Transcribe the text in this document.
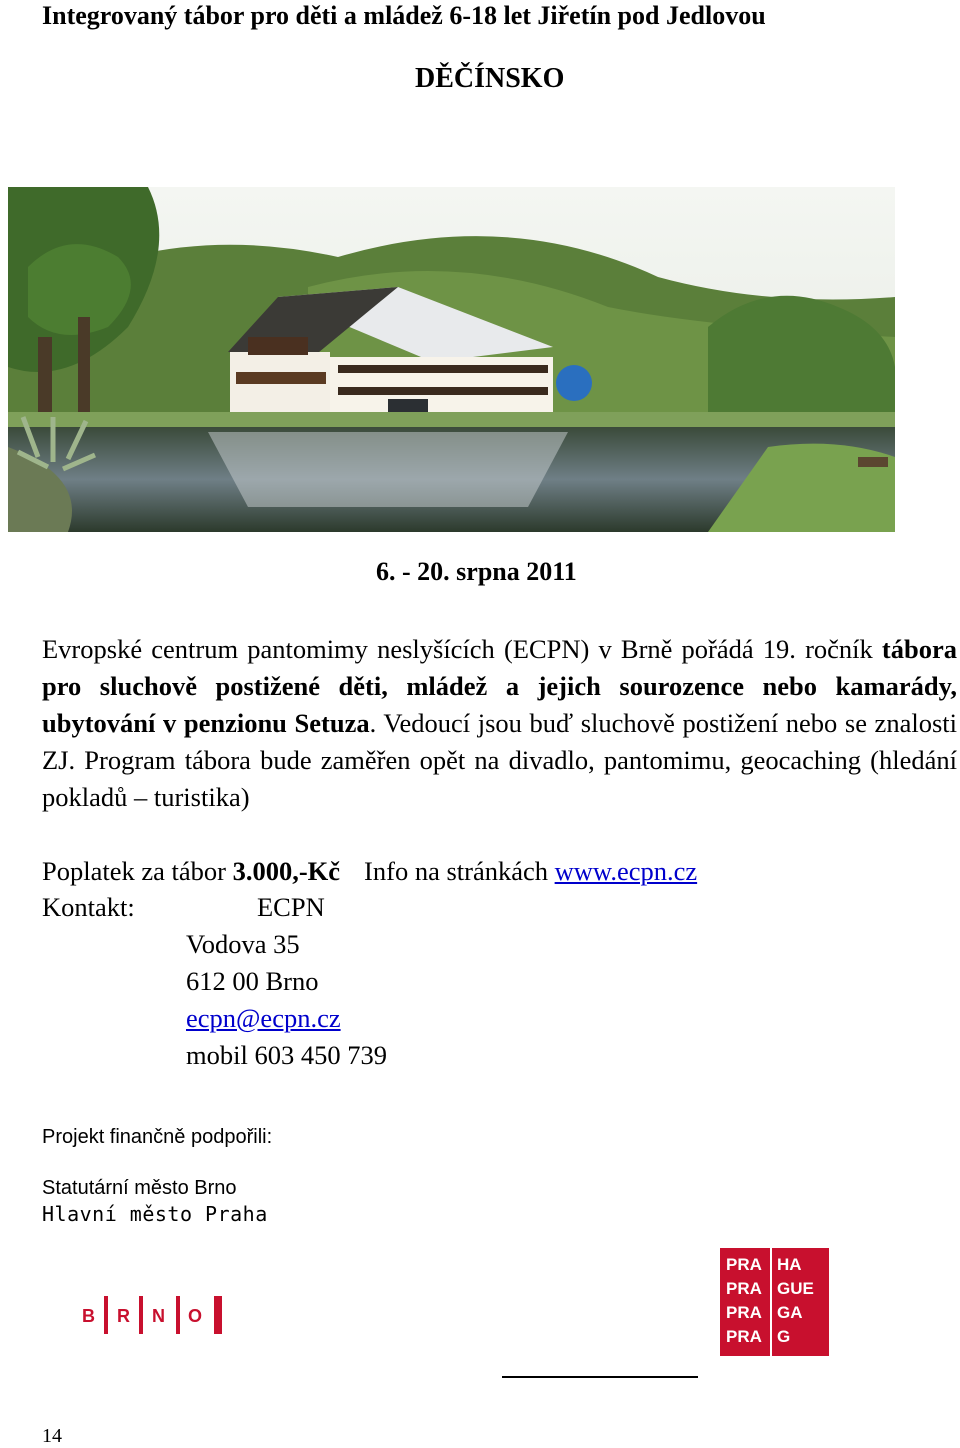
Integrovaný tábor pro děti a mládež 6-18 let Jiřetín pod Jedlovou
DĚČÍNSKO
6. - 20. srpna 2011
Evropské centrum pantomimy neslyšících (ECPN) v Brně pořádá 19. ročník tábora pro sluchově postižené děti, mládež a jejich sourozence nebo kamarády, ubytování v penzionu Setuza. Vedoucí jsou buď sluchově postižení nebo se znalosti ZJ. Program tábora bude zaměřen opět na divadlo, pantomimu, geocaching (hledání pokladů – turistika)
Poplatek za tábor 3.000,-Kč Info na stránkách www.ecpn.cz
Kontakt:	ECPN
Vodova 35
612 00 Brno
ecpn@ecpn.cz
mobil 603 450 739
Projekt finančně podpořili:
Statutární město Brno
Hlavní město Praha
B R N O
PRA HA
PRA GUE
PRA GA
PRA G
14
